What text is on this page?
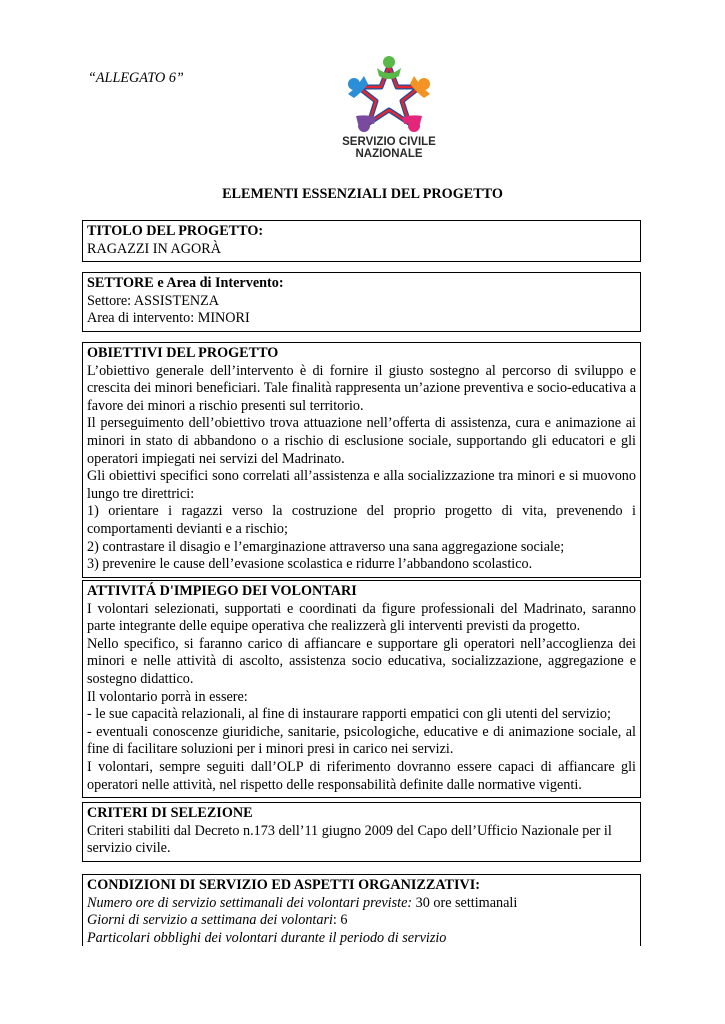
“ALLEGATO 6”
SERVIZIO CIVILE
NAZIONALE
ELEMENTI ESSENZIALI DEL PROGETTO
TITOLO DEL PROGETTO:

RAGAZZI IN AGORÀ

SETTORE e Area di Intervento:

Settore: ASSISTENZA

Area di intervento: MINORI

OBIETTIVI DEL PROGETTO

L’obiettivo generale dell’intervento è di fornire il giusto sostegno al percorso di sviluppo e crescita dei minori beneficiari. Tale finalità rappresenta un’azione preventiva e socio-educativa a favore dei minori a rischio presenti sul territorio.

Il perseguimento dell’obiettivo trova attuazione nell’offerta di assistenza, cura e animazione ai minori in stato di abbandono o a rischio di esclusione sociale, supportando gli educatori e gli operatori impiegati nei servizi del Madrinato.

Gli obiettivi specifici sono correlati all’assistenza e alla socializzazione tra minori e si muovono lungo tre direttrici:

1) orientare i ragazzi verso la costruzione del proprio progetto di vita, prevenendo i comportamenti devianti e a rischio;

2) contrastare il disagio e l’emarginazione attraverso una sana aggregazione sociale;

3) prevenire le cause dell’evasione scolastica e ridurre l’abbandono scolastico.

ATTIVITÁ D'IMPIEGO DEI VOLONTARI

I volontari selezionati, supportati e coordinati da figure professionali del Madrinato, saranno parte integrante delle equipe operativa che realizzerà gli interventi previsti da progetto.

Nello specifico, si faranno carico di affiancare e supportare gli operatori nell’accoglienza dei minori e nelle attività di ascolto, assistenza socio educativa, socializzazione, aggregazione e sostegno didattico.

Il volontario porrà in essere:

- le sue capacità relazionali, al fine di instaurare rapporti empatici con gli utenti del servizio;

- eventuali conoscenze giuridiche, sanitarie, psicologiche, educative e di animazione sociale, al fine di facilitare soluzioni per i minori presi in carico nei servizi.

I volontari, sempre seguiti dall’OLP di riferimento dovranno essere capaci di affiancare gli operatori nelle attività, nel rispetto delle responsabilità definite dalle normative vigenti.

CRITERI DI SELEZIONE

Criteri stabiliti dal Decreto n.173 dell’11 giugno 2009 del Capo dell’Ufficio Nazionale per il servizio civile.

CONDIZIONI DI SERVIZIO ED ASPETTI ORGANIZZATIVI:

Numero ore di servizio settimanali dei volontari previste: 30 ore settimanali

Giorni di servizio a settimana dei volontari: 6

Particolari obblighi dei volontari durante il periodo di servizio
